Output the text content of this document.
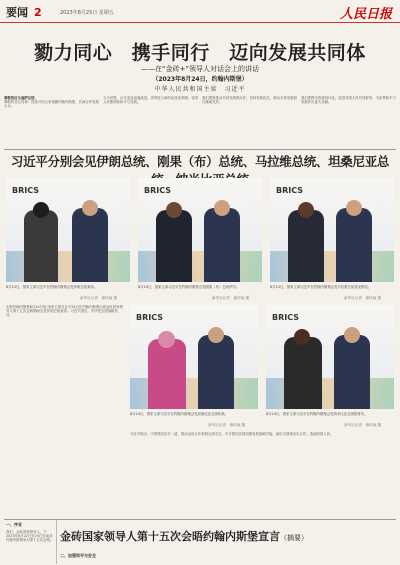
要闻 2	2023年8月25日 星期五	人民日报
勠力同心　携手同行　迈向发展共同体
——在“金砖+”领导人对话会上的讲话
（2023年8月24日，约翰内斯堡）
中华人民共和国主席　习近平
尊敬的拉马福萨总统，
尊敬的各位同事：很高兴同大家相聚约翰内斯堡，共商合作发展大计。
当今世界，百年变局加速演进，世界进入新的动荡变革期。各国人民都期待和平与发展。
我们要做推动共同发展的伙伴，坚持发展优先，推动全球发展倡议落地见效。
我们要携手推进现代化，促进各国人民共同繁荣，为世界和平与发展作出更大贡献。
习近平分别会见伊朗总统、刚果（布）总统、马拉维总统、坦桑尼亚总
BRICS	BRICS	BRICS
8月24日，国家主席习近平在约翰内斯堡会见伊朗总统莱希。
新华社记者　谢环驰 摄
8月24日，国家主席习近平在约翰内斯堡会见刚果（布）总统萨苏。
新华社记者　谢环驰 摄
8月24日，国家主席习近平在约翰内斯堡会见马拉维总统查克维拉。
新华社记者　谢环驰 摄
本报约翰内斯堡8月24日电 国家主席习近平24日在约翰内斯堡出席金砖国家领导人第十五次会晤期间会见伊朗总统莱希。习近平指出，中伊是全面战略伙伴。	BRICS	BRICS
8月24日，国家主席习近平在约翰内斯堡会见坦桑尼亚总统哈桑。
新华社记者　谢环驰 摄
8月24日，国家主席习近平在约翰内斯堡会见纳米比亚总统根哥布。
新华社记者　谢环驰 摄
习近平指出，中国愿同各方一道，推动金砖合作机制走深走实。中方愿同各国加强发展战略对接，深化各领域务实合作，造福两国人民。
一、序言
我们，金砖国家领导人，于2023年8月22日至24日在南非约翰内斯堡举行第十五次会晤。 金砖国家领导人第十五次会晤约翰内斯堡宣言（摘要）
二、加强和平与安全
